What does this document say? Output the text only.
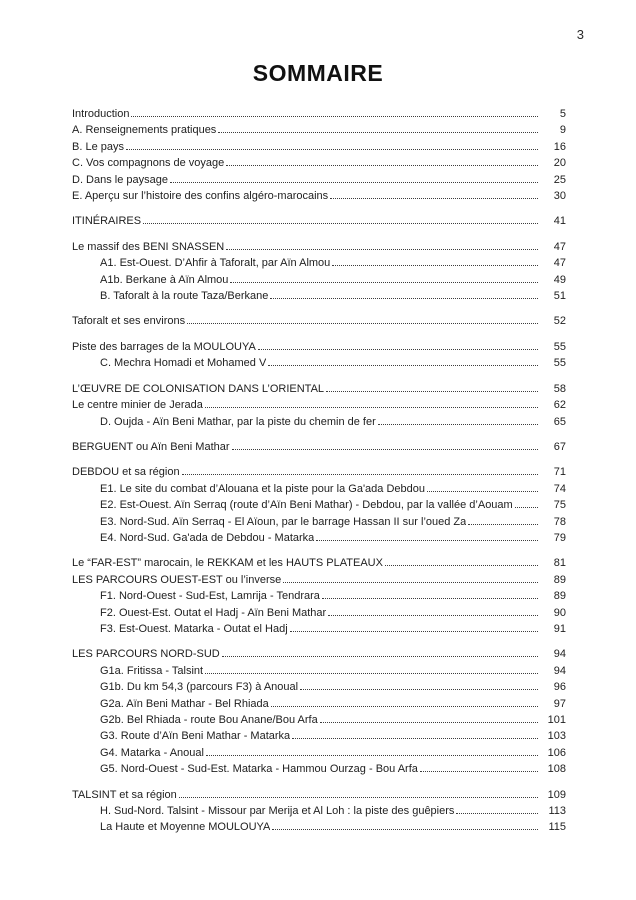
3
SOMMAIRE
Introduction	5
A. Renseignements pratiques	9
B. Le pays	16
C. Vos compagnons de voyage	20
D. Dans le paysage	25
E. Aperçu sur l’histoire des confins algéro-marocains	30
ITINÉRAIRES	41
Le massif des BENI SNASSEN	47
A1. Est-Ouest. D’Ahfir à Taforalt, par Aïn Almou	47
A1b. Berkane à Aïn Almou	49
B. Taforalt à la route Taza/Berkane	51
Taforalt et ses environs	52
Piste des barrages de la MOULOUYA	55
C. Mechra Homadi et Mohamed V	55
L’ŒUVRE DE COLONISATION DANS L’ORIENTAL	58
Le centre minier de Jerada	62
D. Oujda - Aïn Beni Mathar, par la piste du chemin de fer	65
BERGUENT ou Aïn Beni Mathar	67
DEBDOU et sa région	71
E1. Le site du combat d’Alouana et la piste pour la Ga'ada Debdou	74
E2. Est-Ouest. Aïn Serraq (route d’Aïn Beni Mathar) - Debdou, par la vallée d’Aouam	75
E3. Nord-Sud. Aïn Serraq - El Aïoun, par le barrage Hassan II sur l’oued Za	78
E4. Nord-Sud. Ga'ada de Debdou - Matarka	79
Le “FAR-EST” marocain, le REKKAM et les HAUTS PLATEAUX	81
LES PARCOURS OUEST-EST ou l’inverse	89
F1. Nord-Ouest - Sud-Est, Lamrija - Tendrara	89
F2. Ouest-Est. Outat el Hadj - Aïn Beni Mathar	90
F3. Est-Ouest. Matarka - Outat el Hadj	91
LES PARCOURS NORD-SUD	94
G1a. Fritissa - Talsint	94
G1b. Du km 54,3 (parcours F3) à Anoual	96
G2a. Aïn Beni Mathar - Bel Rhiada	97
G2b. Bel Rhiada - route Bou Anane/Bou Arfa	101
G3. Route d’Aïn Beni Mathar - Matarka	103
G4. Matarka - Anoual	106
G5. Nord-Ouest - Sud-Est. Matarka - Hammou Ourzag - Bou Arfa	108
TALSINT et sa région	109
H. Sud-Nord. Talsint - Missour par Merija et Al Loh : la piste des guêpiers	113
La Haute et Moyenne MOULOUYA	115
